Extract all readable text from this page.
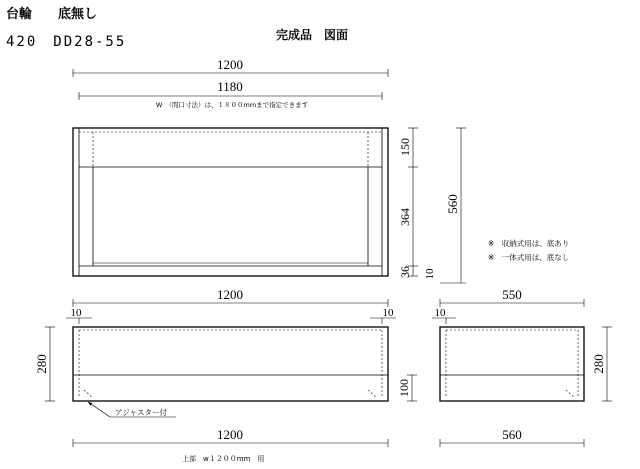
台輪　　底無し
420　DD28-55	完成品　図面
1200
1180
W　（間口寸法）は、１８００mmまで指定できます
150
364
36 10
560
※　収納式用は、底あり
※　一体式用は、底なし
1200
10	10
280
100
アジャスター付
1200
上部　w１２００mm　用
550
10
280
560
